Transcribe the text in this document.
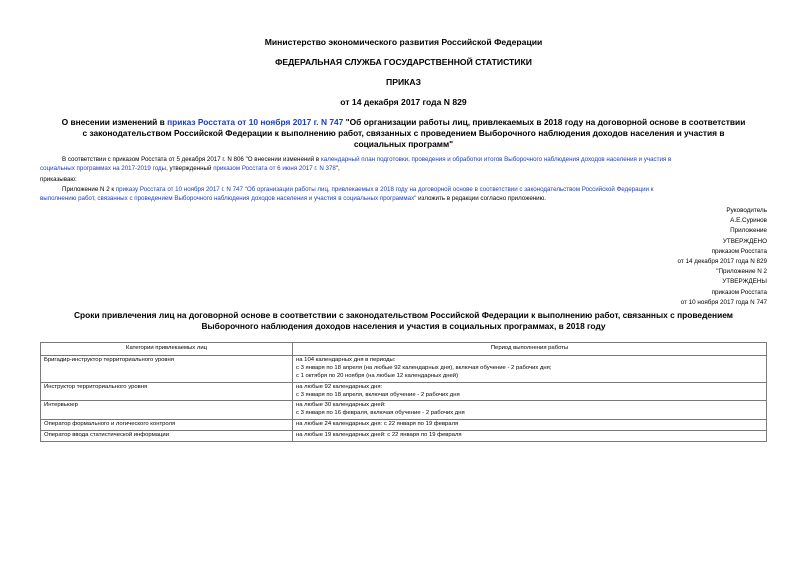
Министерство экономического развития Российской Федерации
ФЕДЕРАЛЬНАЯ СЛУЖБА ГОСУДАРСТВЕННОЙ СТАТИСТИКИ
ПРИКАЗ
от 14 декабря 2017 года N 829
О внесении изменений в приказ Росстата от 10 ноября 2017 г. N 747 "Об организации работы лиц, привлекаемых в 2018 году на договорной основе в соответствии
с законодательством Российской Федерации к выполнению работ, связанных с проведением Выборочного наблюдения доходов населения и участия в
социальных программ"
В соответствии с приказом Росстата от 5 декабря 2017 г. N 806 "О внесении изменений в календарный план подготовки, проведения и обработки итогов Выборочного наблюдения доходов населения и участия в
социальных программах на 2017-2019 годы, утвержденный приказом Росстата от 6 июня 2017 г. N 378",
приказываю:
Приложение N 2 к приказу Росстата от 10 ноября 2017 г. N 747 "Об организации работы лиц, привлекаемых в 2018 году на договорной основе в соответствии с законодательством Российской Федерации к
выполнению работ, связанных с проведением Выборочного наблюдения доходов населения и участия в социальных программах" изложить в редакции согласно приложению.
Руководитель
А.Е.Суринов
Приложение
УТВЕРЖДЕНО
приказом Росстата
от 14 декабря 2017 года N 829
"Приложение N 2
УТВЕРЖДЕНЫ
приказом Росстата
от 10 ноября 2017 года N 747
Сроки привлечения лиц на договорной основе в соответствии с законодательством Российской Федерации к выполнению работ, связанных с проведением
Выборочного наблюдения доходов населения и участия в социальных программах, в 2018 году
Категории привлекаемых лиц	Период выполнения работы
Бригадир-инструктор территориального уровня	на 104 календарных дня в периоды:
с 3 января по 18 апреля (на любые 92 календарных дня), включая обучение - 2 рабочих дня;
с 1 октября по 20 ноября (на любые 12 календарных дней)

Инструктор территориального уровня	на любые 92 календарных дня:
с 3 января по 18 апреля, включая обучение - 2 рабочих дня

Интервьюер	на любые 30 календарных дней:
с 3 января по 16 февраля, включая обучение - 2 рабочих дня

Оператор формального и логического контроля	на любые 24 календарных дня: с 22 января по 19 февраля

Оператор ввода статистической информации	на любые 19 календарных дней: с 22 января по 19 февраля
